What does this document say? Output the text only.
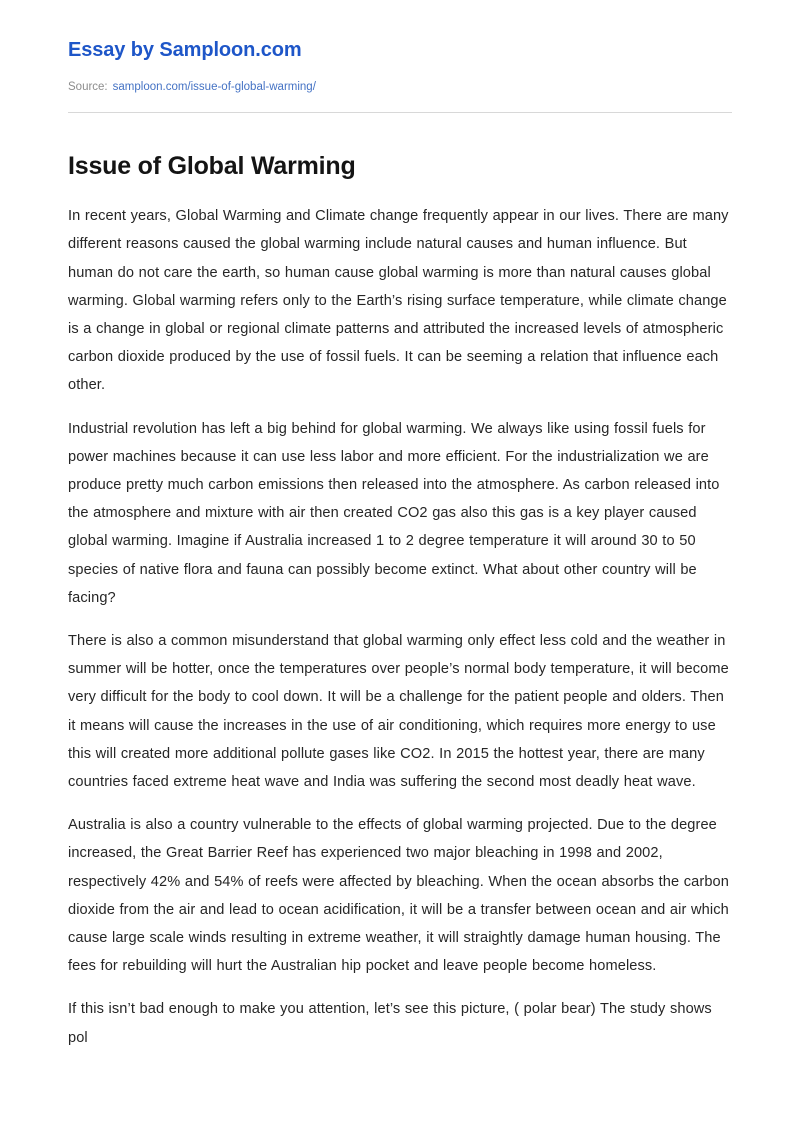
Essay by Samploon.com
Source: samploon.com/issue-of-global-warming/
Issue of Global Warming

In recent years, Global Warming and Climate change frequently appear in our lives. There are many different reasons caused the global warming include natural causes and human influence. But human do not care the earth, so human cause global warming is more than natural causes global warming. Global warming refers only to the Earth’s rising surface temperature, while climate change is a change in global or regional climate patterns and attributed the increased levels of atmospheric carbon dioxide produced by the use of fossil fuels. It can be seeming a relation that influence each other.

Industrial revolution has left a big behind for global warming. We always like using fossil fuels for power machines because it can use less labor and more efficient. For the industrialization we are produce pretty much carbon emissions then released into the atmosphere. As carbon released into the atmosphere and mixture with air then created CO2 gas also this gas is a key player caused global warming. Imagine if Australia increased 1 to 2 degree temperature it will around 30 to 50 species of native flora and fauna can possibly become extinct. What about other country will be facing?

There is also a common misunderstand that global warming only effect less cold and the weather in summer will be hotter, once the temperatures over people’s normal body temperature, it will become very difficult for the body to cool down. It will be a challenge for the patient people and olders. Then it means will cause the increases in the use of air conditioning, which requires more energy to use this will created more additional pollute gases like CO2. In 2015 the hottest year, there are many countries faced extreme heat wave and India was suffering the second most deadly heat wave.

Australia is also a country vulnerable to the effects of global warming projected. Due to the degree increased, the Great Barrier Reef has experienced two major bleaching in 1998 and 2002, respectively 42% and 54% of reefs were affected by bleaching. When the ocean absorbs the carbon dioxide from the air and lead to ocean acidification, it will be a transfer between ocean and air which cause large scale winds resulting in extreme weather, it will straightly damage human housing. The fees for rebuilding will hurt the Australian hip pocket and leave people become homeless.

If this isn’t bad enough to make you attention, let’s see this picture, ( polar bear) The study shows pol
